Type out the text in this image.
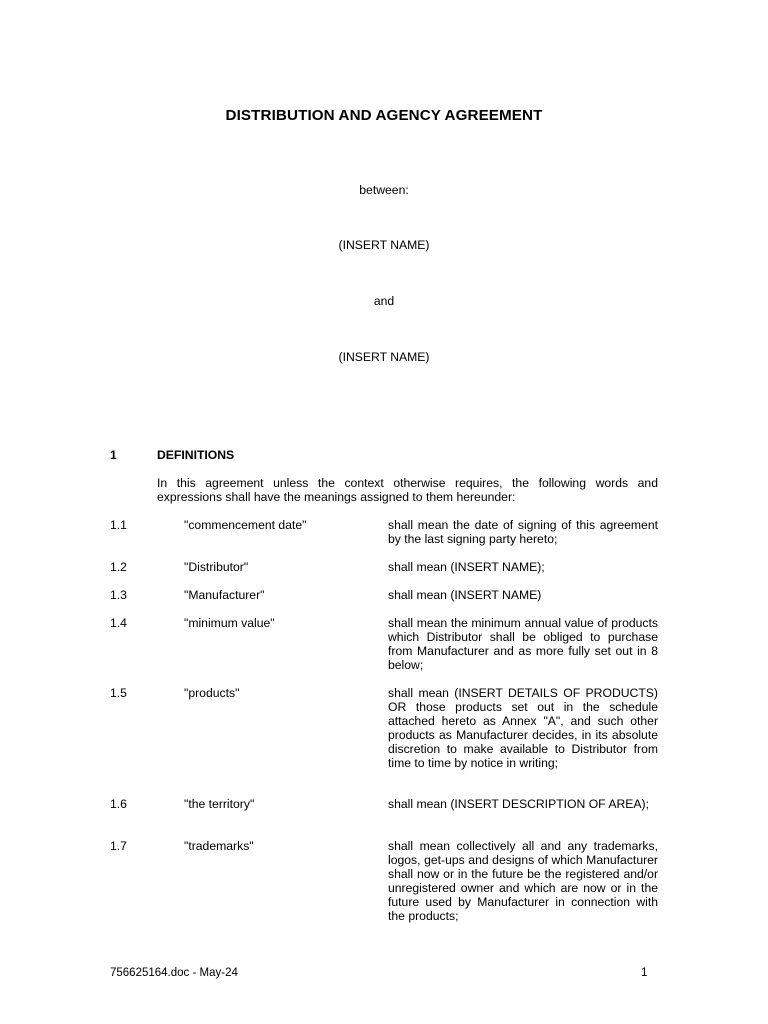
DISTRIBUTION AND AGENCY AGREEMENT
between:
(INSERT NAME)
and
(INSERT NAME)
1	DEFINITIONS
In this agreement unless the context otherwise requires, the following words and expressions shall have the meanings assigned to them hereunder:
1.1	"commencement date"	shall mean the date of signing of this agreement by the last signing party hereto;
1.2	"Distributor"	shall mean (INSERT NAME);
1.3	"Manufacturer"	shall mean (INSERT NAME)
1.4	"minimum value"	shall mean the minimum annual value of products which Distributor shall be obliged to purchase from Manufacturer and as more fully set out in 8 below;
1.5	"products"	shall mean (INSERT DETAILS OF PRODUCTS) OR those products set out in the schedule attached hereto as Annex "A", and such other products as Manufacturer decides, in its absolute discretion to make available to Distributor from time to time by notice in writing;
1.6	"the territory"	shall mean (INSERT DESCRIPTION OF AREA);
1.7	"trademarks"	shall mean collectively all and any trademarks, logos, get-ups and designs of which Manufacturer shall now or in the future be the registered and/or unregistered owner and which are now or in the future used by Manufacturer in connection with the products;
756625164.doc - May-24	1
